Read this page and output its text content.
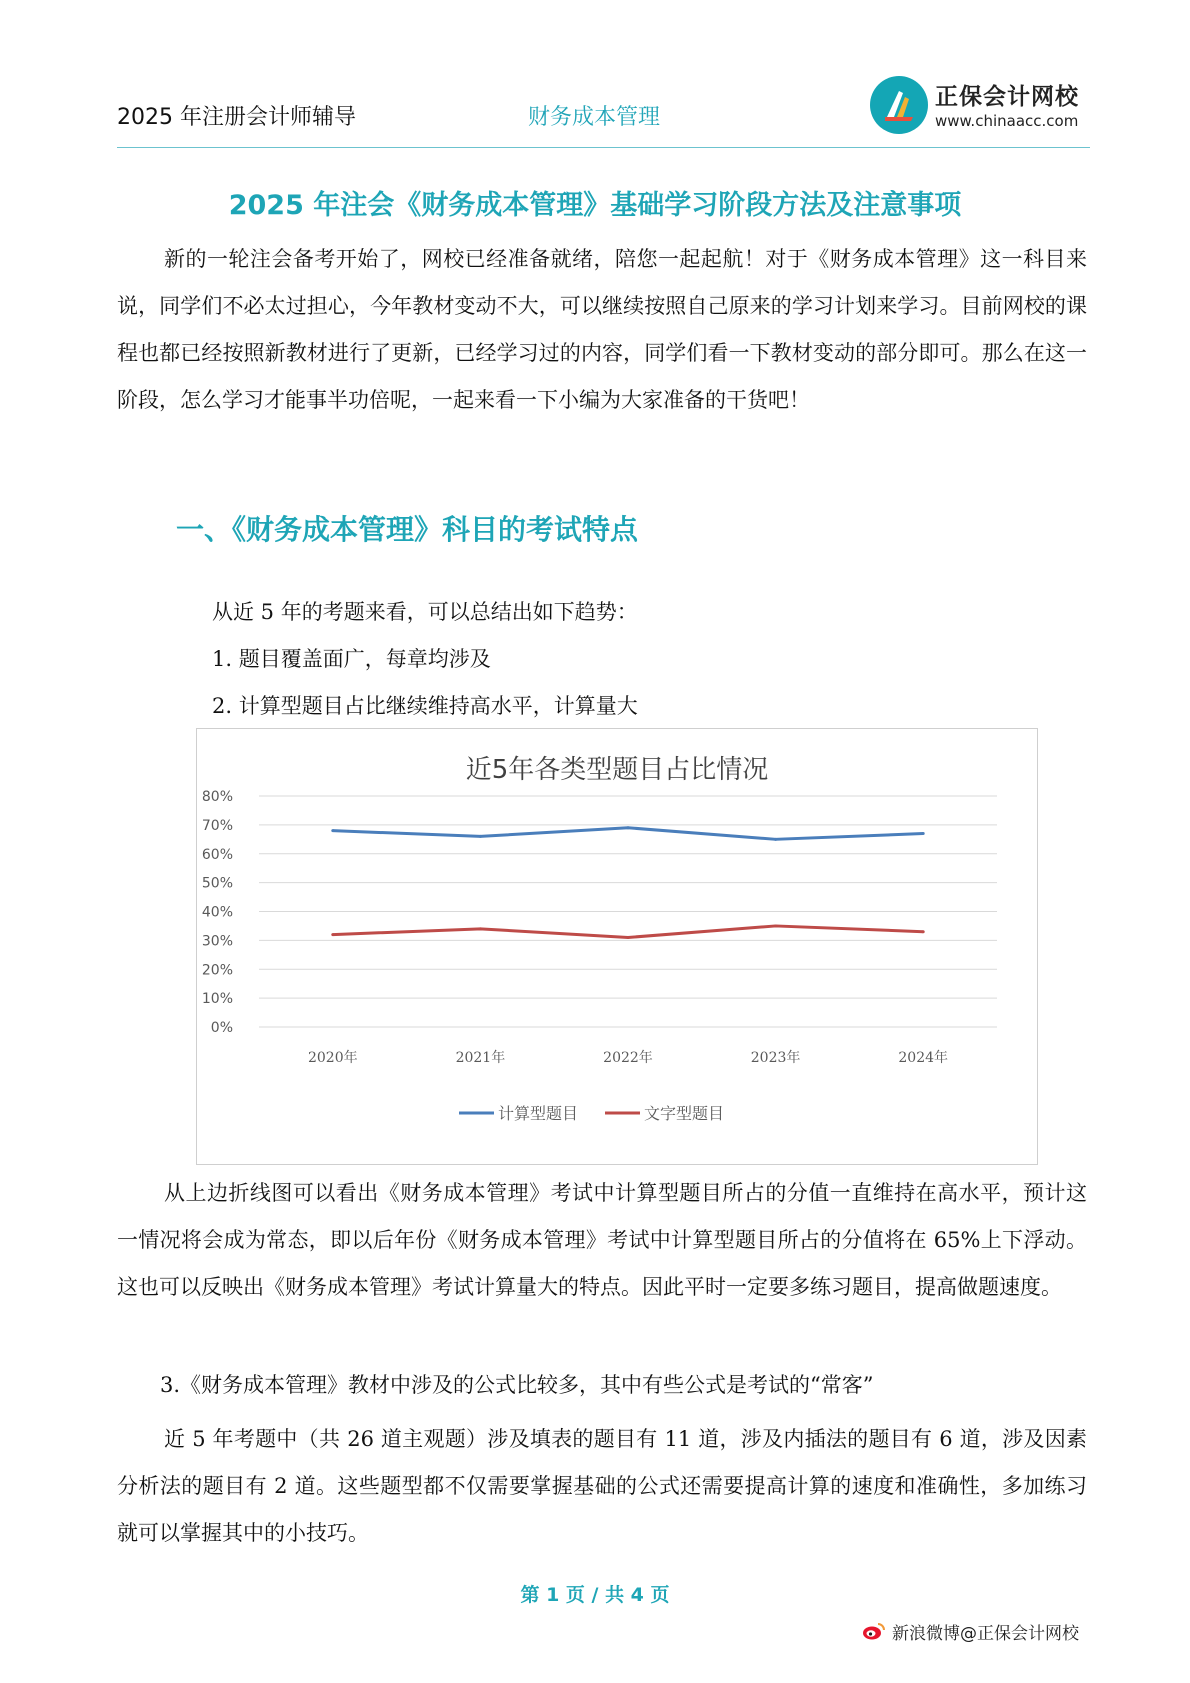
2025 年注册会计师辅导	财务成本管理
正保会计网校
www.chinaacc.com
2025 年注会《财务成本管理》基础学习阶段方法及注意事项

新的一轮注会备考开始了，网校已经准备就绪，陪您一起起航！对于《财务成本管理》这一科目来说，同学们不必太过担心，今年教材变动不大，可以继续按照自己原来的学习计划来学习。目前网校的课程也都已经按照新教材进行了更新，已经学习过的内容，同学们看一下教材变动的部分即可。那么在这一阶段，怎么学习才能事半功倍呢，一起来看一下小编为大家准备的干货吧！

一、《财务成本管理》科目的考试特点
从近 5 年的考题来看，可以总结出如下趋势：
1. 题目覆盖面广，每章均涉及
2. 计算型题目占比继续维持高水平，计算量大
近5年各类型题目占比情况
0%
10%
20%
30%
40%
50%
60%
70%
80%
2020年	2021年	2022年	2023年	2024年
计算型题目	文字型题目

从上边折线图可以看出《财务成本管理》考试中计算型题目所占的分值一直维持在高水平，预计这一情况将会成为常态，即以后年份《财务成本管理》考试中计算型题目所占的分值将在 65%上下浮动。这也可以反映出《财务成本管理》考试计算量大的特点。因此平时一定要多练习题目，提高做题速度。

3.《财务成本管理》教材中涉及的公式比较多，其中有些公式是考试的“常客”

近 5 年考题中（共 26 道主观题）涉及填表的题目有 11 道，涉及内插法的题目有 6 道，涉及因素分析法的题目有 2 道。这些题型都不仅需要掌握基础的公式还需要提高计算的速度和准确性，多加练习就可以掌握其中的小技巧。

第 1 页 / 共 4 页
新浪微博@正保会计网校
